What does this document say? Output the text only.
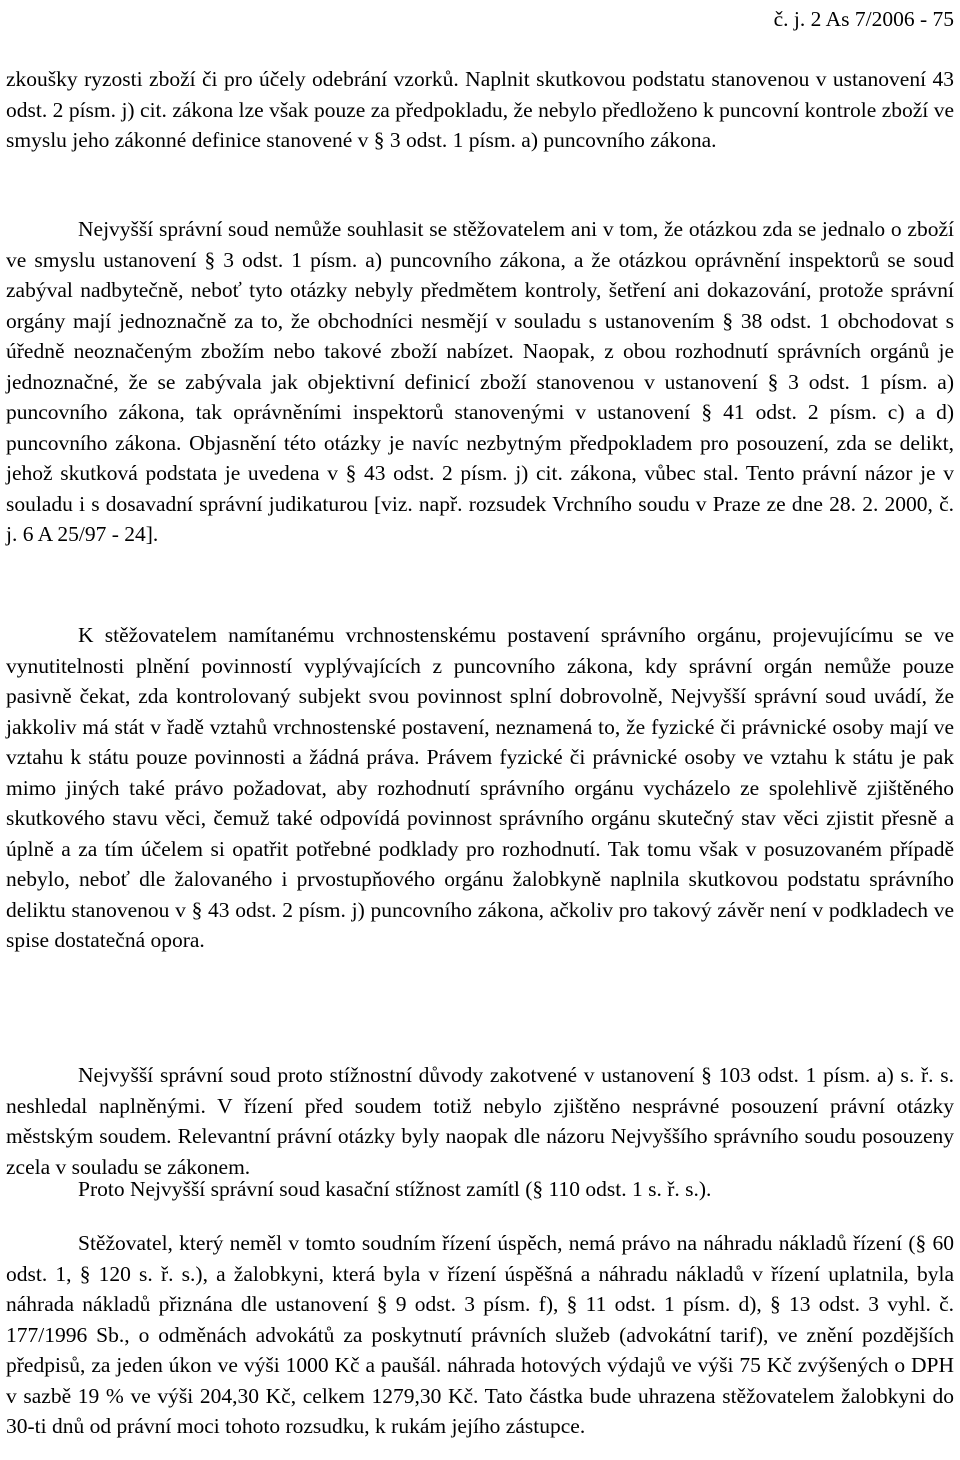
č. j. 2 As 7/2006 - 75

zkoušky ryzosti zboží či pro účely odebrání vzorků. Naplnit skutkovou podstatu stanovenou v ustanovení 43 odst. 2 písm. j) cit. zákona lze však pouze za předpokladu, že nebylo předloženo k puncovní kontrole zboží ve smyslu jeho zákonné definice stanovené v § 3 odst. 1 písm. a) puncovního zákona.

Nejvyšší správní soud nemůže souhlasit se stěžovatelem ani v tom, že otázkou zda se jednalo o zboží ve smyslu ustanovení § 3 odst. 1 písm. a) puncovního zákona, a že otázkou oprávnění inspektorů se soud zabýval nadbytečně, neboť tyto otázky nebyly předmětem kontroly, šetření ani dokazování, protože správní orgány mají jednoznačně za to, že obchodníci nesmějí v souladu s ustanovením § 38 odst. 1 obchodovat s úředně neoznačeným zbožím nebo takové zboží nabízet. Naopak, z obou rozhodnutí správních orgánů je jednoznačné, že se zabývala jak objektivní definicí zboží stanovenou v ustanovení § 3 odst. 1 písm. a) puncovního zákona, tak oprávněními inspektorů stanovenými v ustanovení § 41 odst. 2 písm. c) a d) puncovního zákona. Objasnění této otázky je navíc nezbytným předpokladem pro posouzení, zda se delikt, jehož skutková podstata je uvedena v § 43 odst. 2 písm. j) cit. zákona, vůbec stal. Tento právní názor je v souladu i s dosavadní správní judikaturou [viz. např. rozsudek Vrchního soudu v Praze ze dne 28. 2. 2000, č. j. 6 A 25/97 - 24].

K stěžovatelem namítanému vrchnostenskému postavení správního orgánu, projevujícímu se ve vynutitelnosti plnění povinností vyplývajících z puncovního zákona, kdy správní orgán nemůže pouze pasivně čekat, zda kontrolovaný subjekt svou povinnost splní dobrovolně, Nejvyšší správní soud uvádí, že jakkoliv má stát v řadě vztahů vrchnostenské postavení, neznamená to, že fyzické či právnické osoby mají ve vztahu k státu pouze povinnosti a žádná práva. Právem fyzické či právnické osoby ve vztahu k státu je pak mimo jiných také právo požadovat, aby rozhodnutí správního orgánu vycházelo ze spolehlivě zjištěného skutkového stavu věci, čemuž také odpovídá povinnost správního orgánu skutečný stav věci zjistit přesně a úplně a za tím účelem si opatřit potřebné podklady pro rozhodnutí. Tak tomu však v posuzovaném případě nebylo, neboť dle žalovaného i prvostupňového orgánu žalobkyně naplnila skutkovou podstatu správního deliktu stanovenou v § 43 odst. 2 písm. j) puncovního zákona, ačkoliv pro takový závěr není v podkladech ve spise dostatečná opora.

Nejvyšší správní soud proto stížnostní důvody zakotvené v ustanovení § 103 odst. 1 písm. a) s. ř. s. neshledal naplněnými. V řízení před soudem totiž nebylo zjištěno nesprávné posouzení právní otázky městským soudem. Relevantní právní otázky byly naopak dle názoru Nejvyššího správního soudu posouzeny zcela v souladu se zákonem.

Proto Nejvyšší správní soud kasační stížnost zamítl (§ 110 odst. 1 s. ř. s.).

Stěžovatel, který neměl v tomto soudním řízení úspěch, nemá právo na náhradu nákladů řízení (§ 60 odst. 1, § 120 s. ř. s.), a žalobkyni, která byla v řízení úspěšná a náhradu nákladů v řízení uplatnila, byla náhrada nákladů přiznána dle ustanovení § 9 odst. 3 písm. f), § 11 odst. 1 písm. d), § 13 odst. 3 vyhl. č. 177/1996 Sb., o odměnách advokátů za poskytnutí právních služeb (advokátní tarif), ve znění pozdějších předpisů, za jeden úkon ve výši 1000 Kč a paušál. náhrada hotových výdajů ve výši 75 Kč zvýšených o DPH v sazbě 19 % ve výši 204,30 Kč, celkem 1279,30 Kč. Tato částka bude uhrazena stěžovatelem žalobkyni do 30-ti dnů od právní moci tohoto rozsudku, k rukám jejího zástupce.
